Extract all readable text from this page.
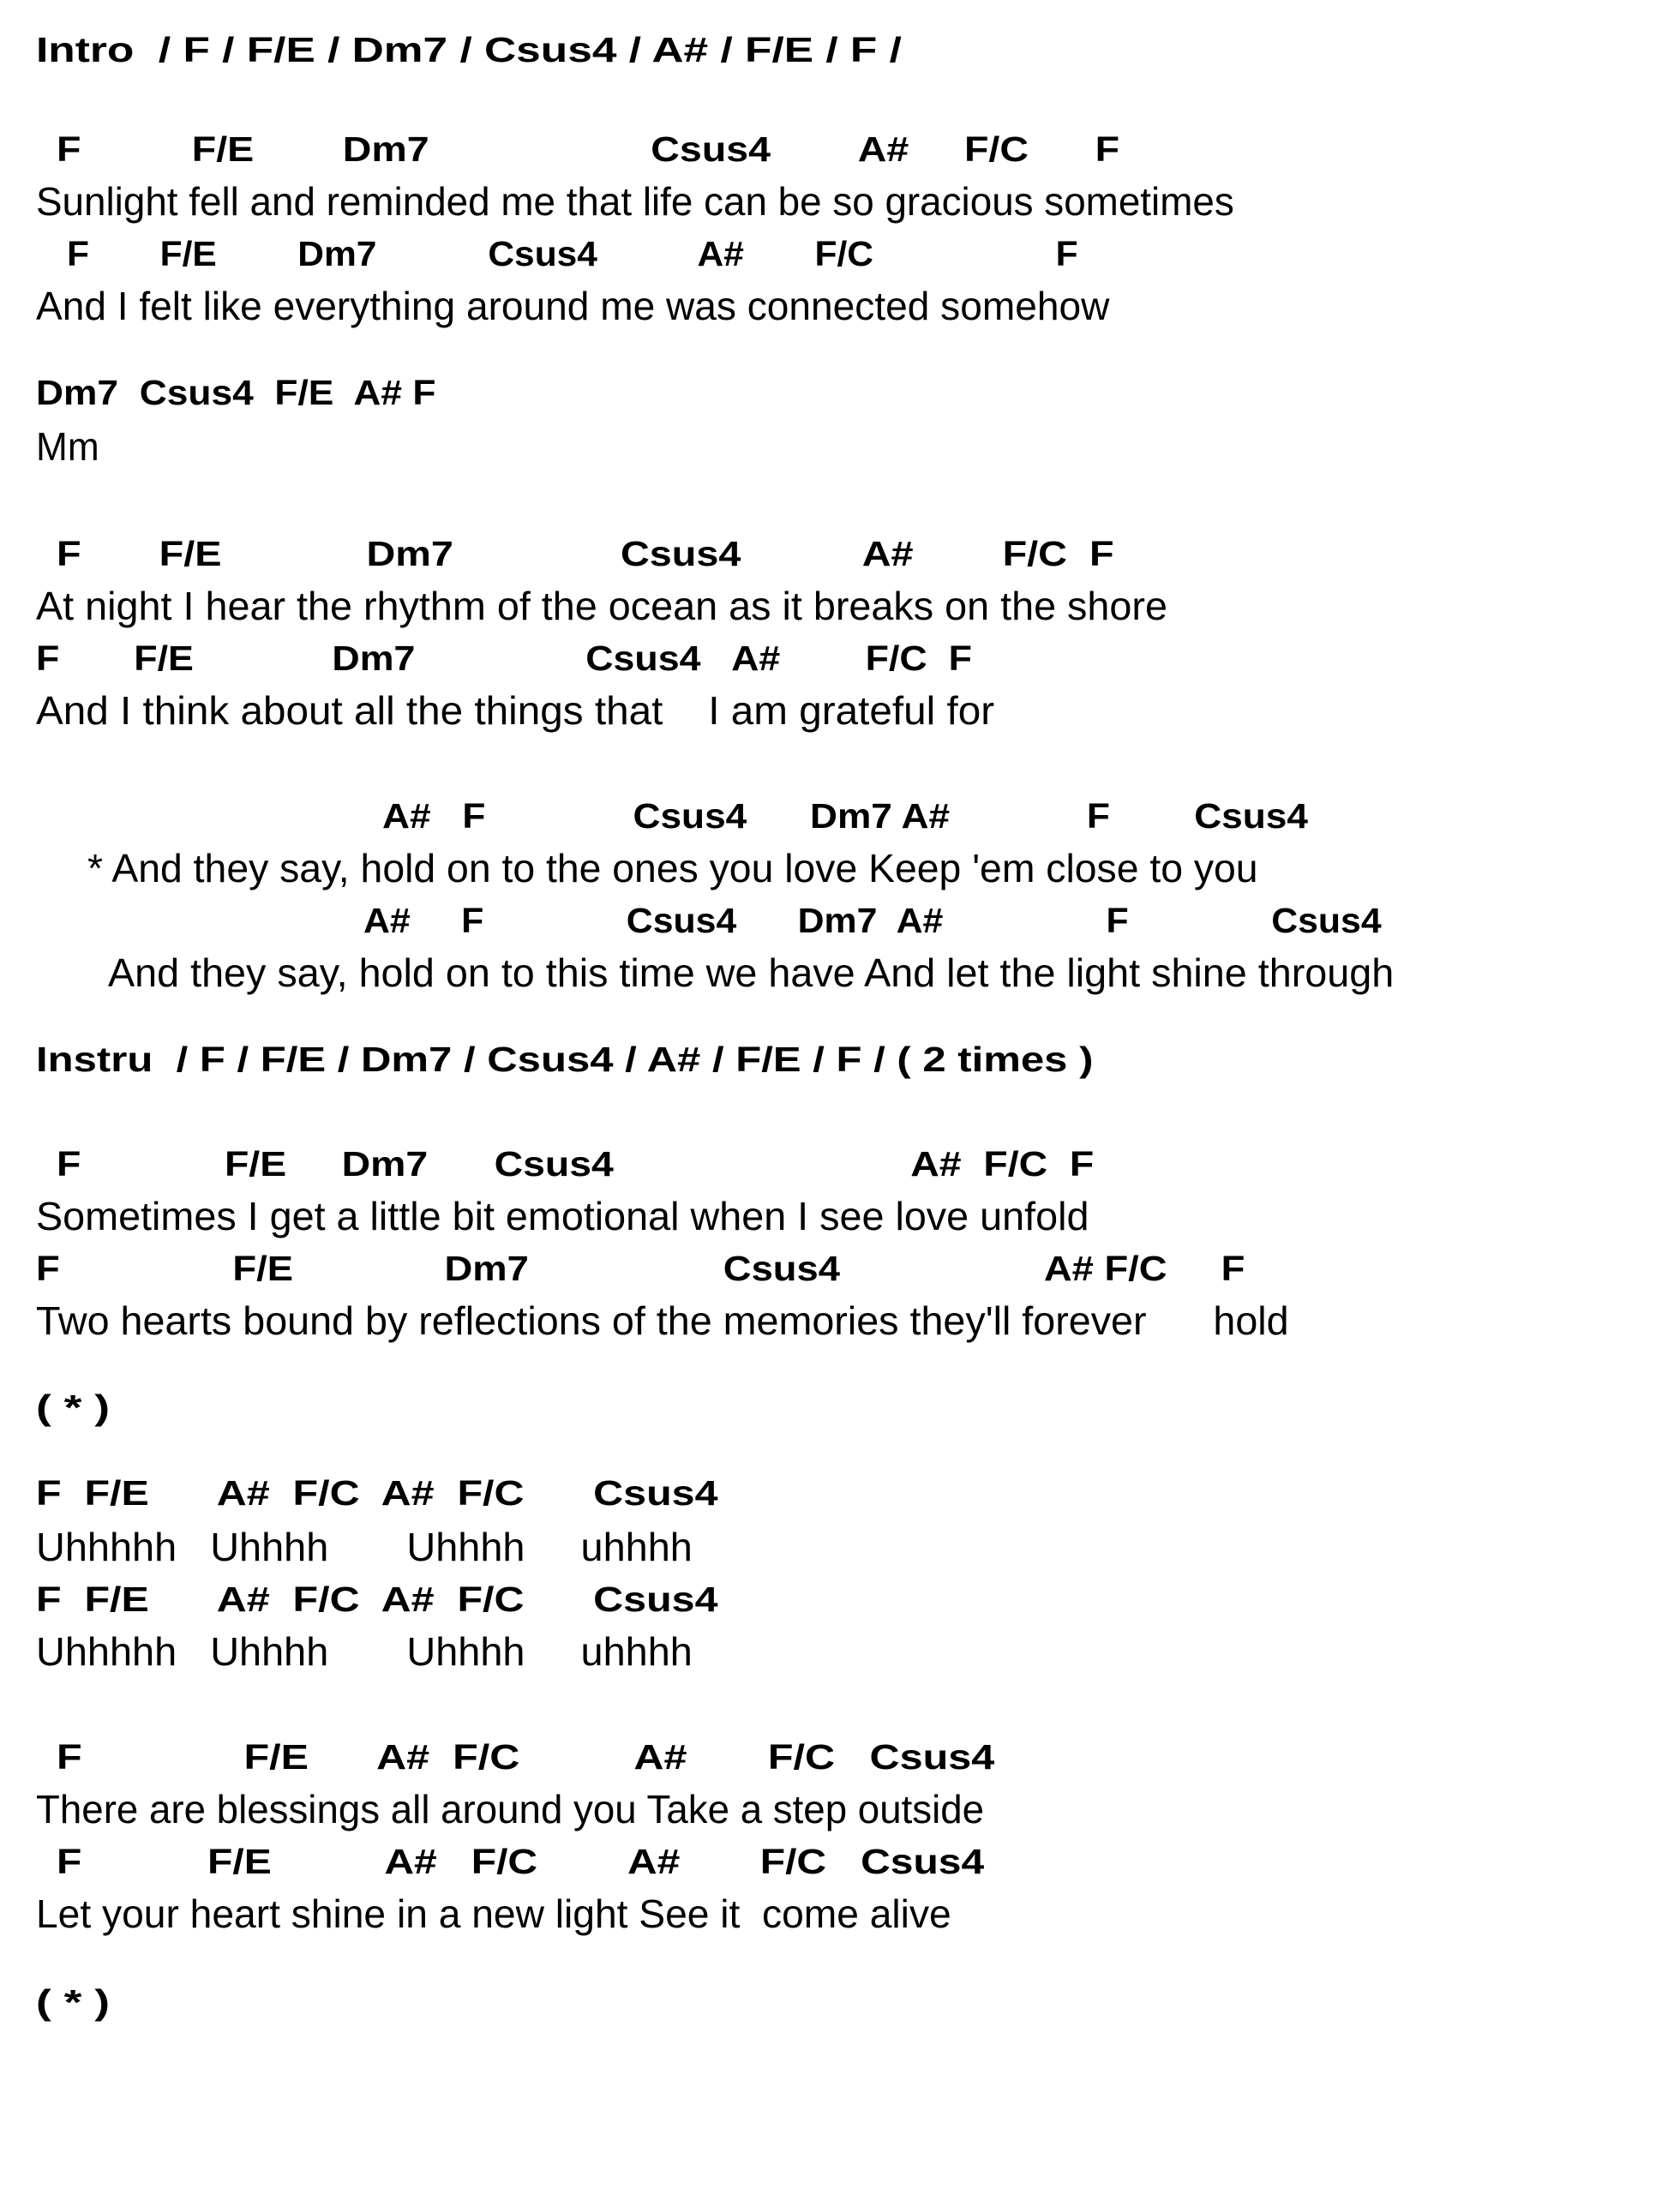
Intro  / F / F/E / Dm7 / Csus4 / A# / F/E / F /
F          F/E        Dm7                    Csus4        A#     F/C      F
Sunlight fell and reminded me that life can be so gracious sometimes
F       F/E        Dm7           Csus4          A#       F/C                  F
And I felt like everything around me was connected somehow
Dm7  Csus4  F/E  A# F
Mm
F       F/E             Dm7               Csus4           A#        F/C  F
At night I hear the rhythm of the ocean as it breaks on the shore
F       F/E             Dm7                Csus4   A#        F/C  F
And I think about all the things that    I am grateful for
A#   F              Csus4      Dm7 A#             F        Csus4
* And they say, hold on to the ones you love Keep 'em close to you
A#     F              Csus4      Dm7  A#                F              Csus4
And they say, hold on to this time we have And let the light shine through
Instru  / F / F/E / Dm7 / Csus4 / A# / F/E / F / ( 2 times )
F             F/E     Dm7      Csus4                           A#  F/C  F
Sometimes I get a little bit emotional when I see love unfold
F                F/E              Dm7                  Csus4                   A# F/C     F
Two hearts bound by reflections of the memories they'll forever      hold
( * )
F  F/E      A#  F/C  A#  F/C      Csus4
Uhhhhh   Uhhhh       Uhhhh     uhhhh
F  F/E      A#  F/C  A#  F/C      Csus4
Uhhhhh   Uhhhh       Uhhhh     uhhhh
F              F/E      A#  F/C          A#       F/C   Csus4
There are blessings all around you Take a step outside
F           F/E          A#   F/C        A#       F/C   Csus4
Let your heart shine in a new light See it  come alive
( * )
